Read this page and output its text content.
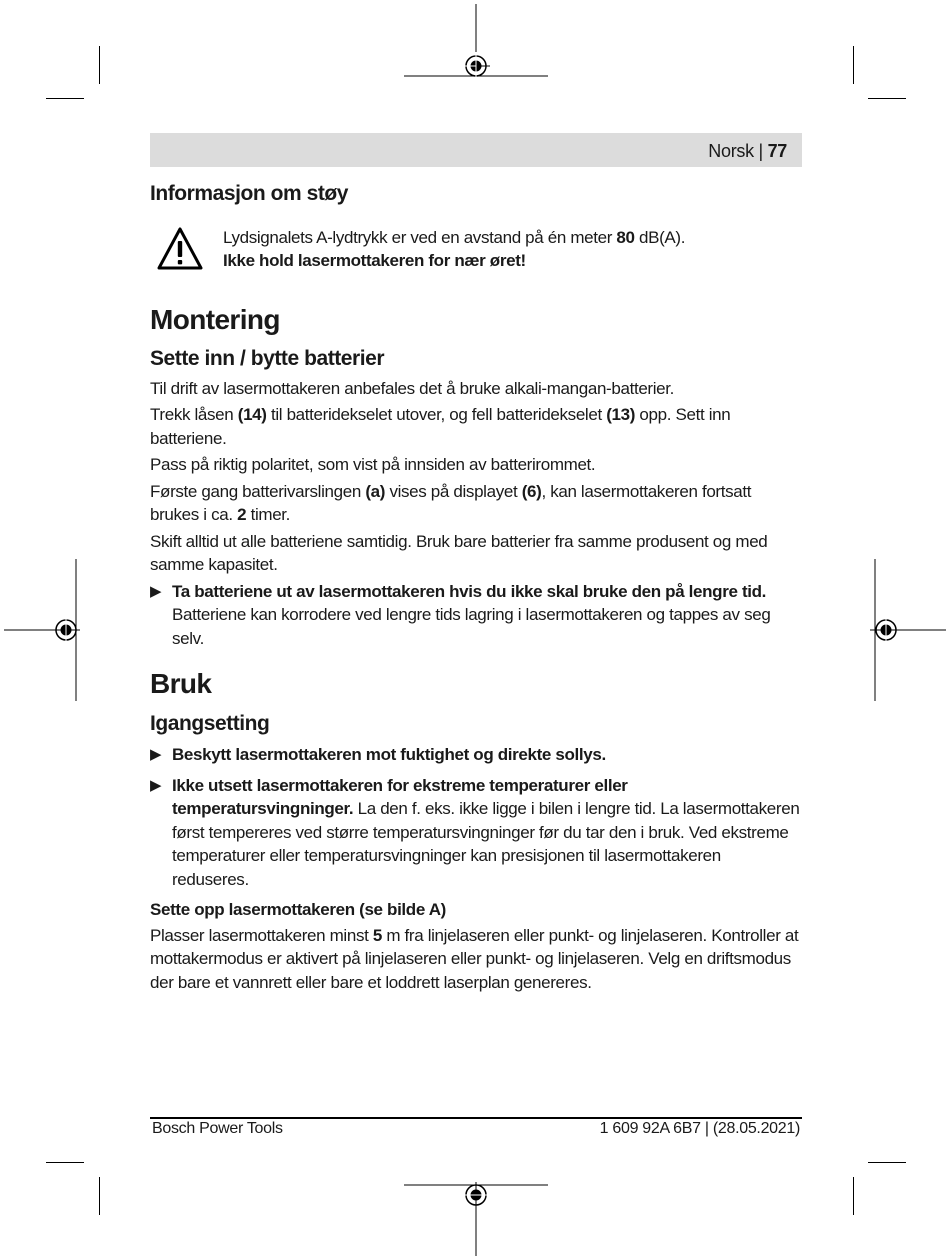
Norsk | 77
Informasjon om støy
Lydsignalets A-lydtrykk er ved en avstand på én meter 80 dB(A).
Ikke hold lasermottakeren for nær øret!
Montering
Sette inn / bytte batterier

Til drift av lasermottakeren anbefales det å bruke alkali-mangan-batterier.

Trekk låsen (14) til batteridekselet utover, og fell batteridekselet (13) opp. Sett inn batteriene.

Pass på riktig polaritet, som vist på innsiden av batterirommet.

Første gang batterivarslingen (a) vises på displayet (6), kan lasermottakeren fortsatt brukes i ca. 2 timer.

Skift alltid ut alle batteriene samtidig. Bruk bare batterier fra samme produsent og med samme kapasitet.

▶ Ta batteriene ut av lasermottakeren hvis du ikke skal bruke den på lengre tid. Batteriene kan korrodere ved lengre tids lagring i lasermottakeren og tappes av seg selv.
Bruk
Igangsetting
▶ Beskytt lasermottakeren mot fuktighet og direkte sollys.
▶ Ikke utsett lasermottakeren for ekstreme temperaturer eller temperatursvingninger. La den f. eks. ikke ligge i bilen i lengre tid. La lasermottakeren først tempereres ved større temperatursvingninger før du tar den i bruk. Ved ekstreme temperaturer eller temperatursvingninger kan presisjonen til lasermottakeren reduseres.
Sette opp lasermottakeren (se bilde A)

Plasser lasermottakeren minst 5 m fra linjelaseren eller punkt- og linjelaseren. Kontroller at mottakermodus er aktivert på linjelaseren eller punkt- og linjelaseren. Velg en driftsmodus der bare et vannrett eller bare et loddrett laserplan genereres.

Bosch Power Tools	1 609 92A 6B7 | (28.05.2021)
